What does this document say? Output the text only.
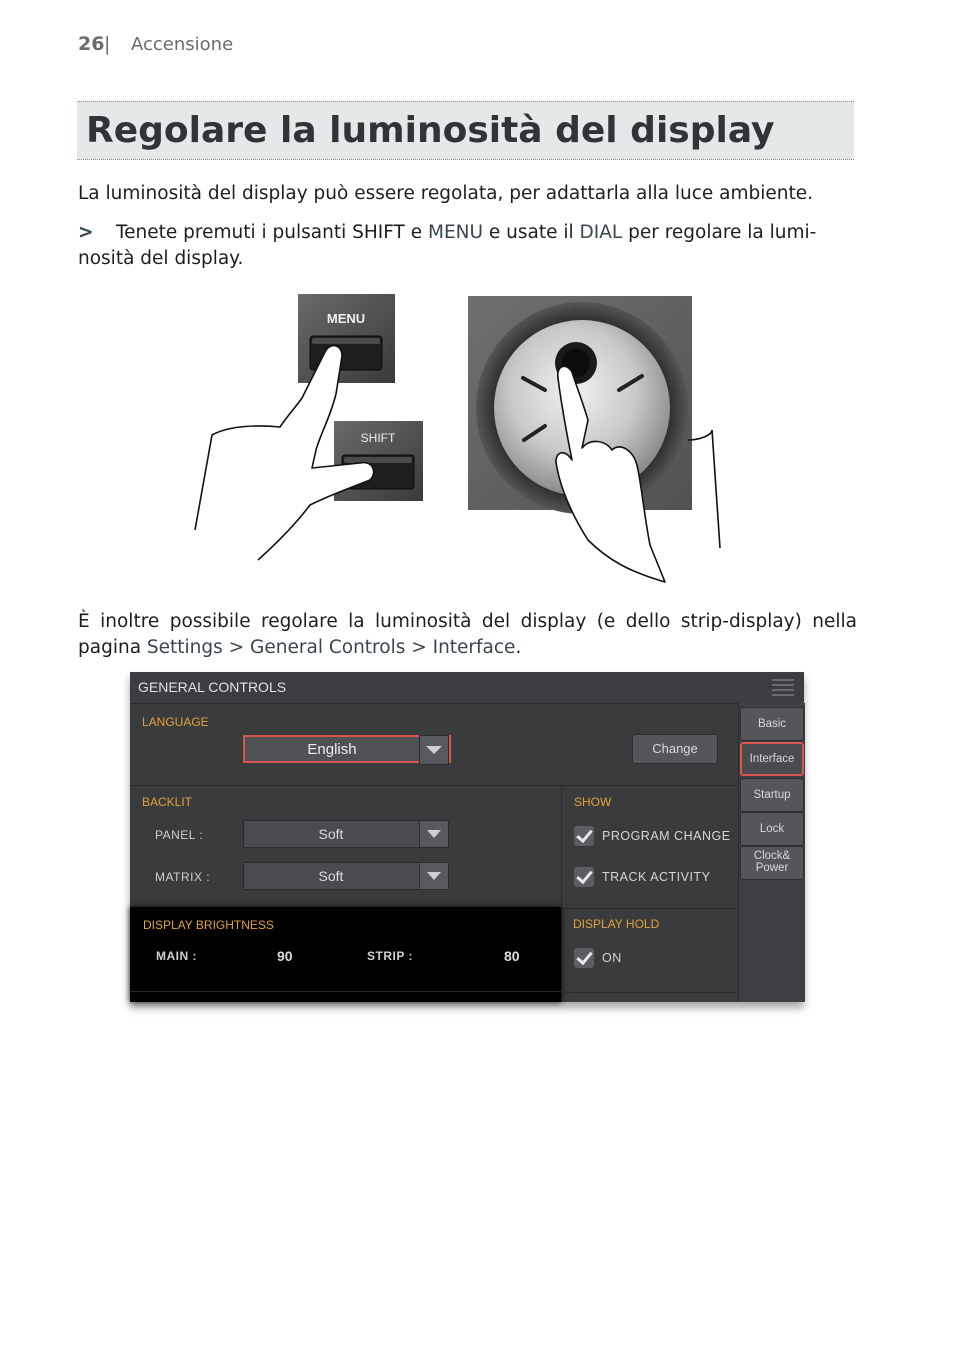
26 | Accensione
Regolare la luminosità del display
La luminosità del display può essere regolata, per adattarla alla luce ambiente.
> Tenete premuti i pulsanti SHIFT e MENU e usate il DIAL per regolare la lumi-nosità del display.
MENU
SHIFT
È inoltre possibile regolare la luminosità del display (e dello strip-display) nella pagina Settings > General Controls > Interface.
GENERAL CONTROLS
LANGUAGE
English	Change
BACKLIT
PANEL :	Soft
MATRIX :	Soft
SHOW
PROGRAM CHANGE
TRACK ACTIVITY
DISPLAY BRIGHTNESS
MAIN :	90	STRIP :	80
DISPLAY HOLD
ON
Basic
Interface
Startup
Lock
Clock&
Power
